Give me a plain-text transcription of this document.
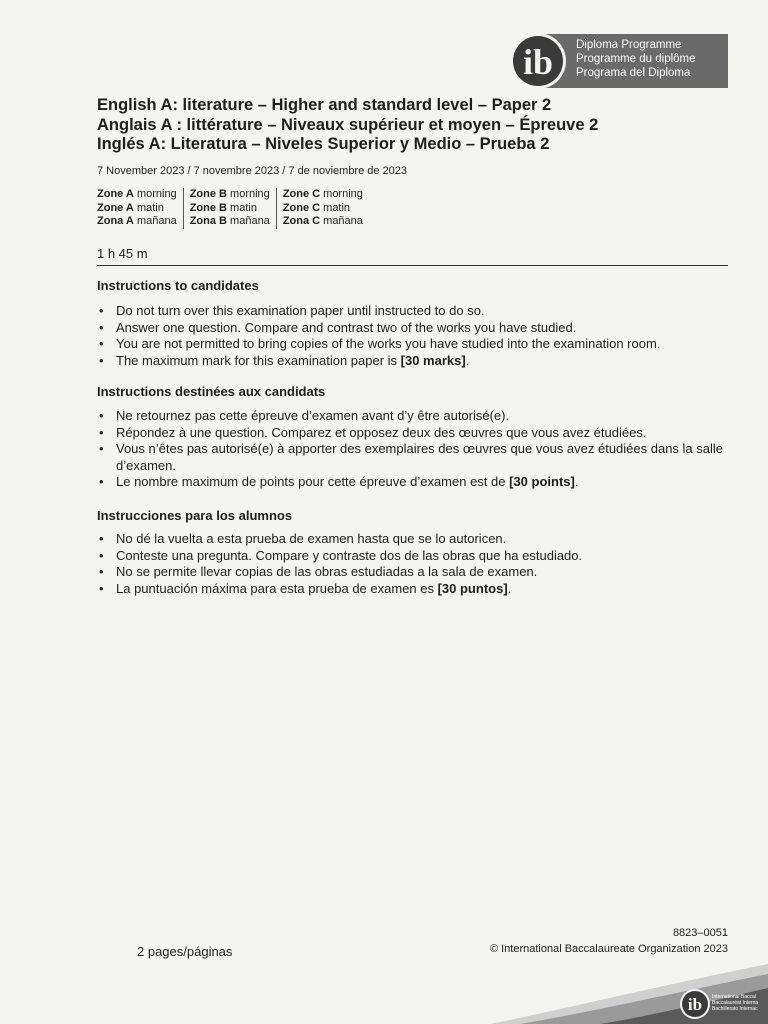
ib Diploma Programme
Programme du diplôme
Programa del Diploma
English A: literature – Higher and standard level – Paper 2
Anglais A : littérature – Niveaux supérieur et moyen – Épreuve 2
Inglés A: Literatura – Niveles Superior y Medio – Prueba 2
7 November 2023 / 7 novembre 2023 / 7 de noviembre de 2023
Zone A morning
Zone A matin
Zona A mañana
Zone B morning
Zone B matin
Zona B mañana
Zone C morning
Zone C matin
Zona C mañana
1 h 45 m
Instructions to candidates
• Do not turn over this examination paper until instructed to do so.
• Answer one question. Compare and contrast two of the works you have studied.
• You are not permitted to bring copies of the works you have studied into the examination room.
• The maximum mark for this examination paper is [30 marks].
Instructions destinées aux candidats
• Ne retournez pas cette épreuve d’examen avant d’y être autorisé(e).
• Répondez à une question. Comparez et opposez deux des œuvres que vous avez étudiées.
• Vous n’êtes pas autorisé(e) à apporter des exemplaires des œuvres que vous avez étudiées dans la salle d’examen.
• Le nombre maximum de points pour cette épreuve d’examen est de [30 points].
Instrucciones para los alumnos
• No dé la vuelta a esta prueba de examen hasta que se lo autoricen.
• Conteste una pregunta. Compare y contraste dos de las obras que ha estudiado.
• No se permite llevar copias de las obras estudiadas a la sala de examen.
• La puntuación máxima para esta prueba de examen es [30 puntos].
2 pages/páginas
8823–0051
© International Baccalaureate Organization 2023
ib International Baccal
Baccalauréat Interna
Bachillerato Internac
